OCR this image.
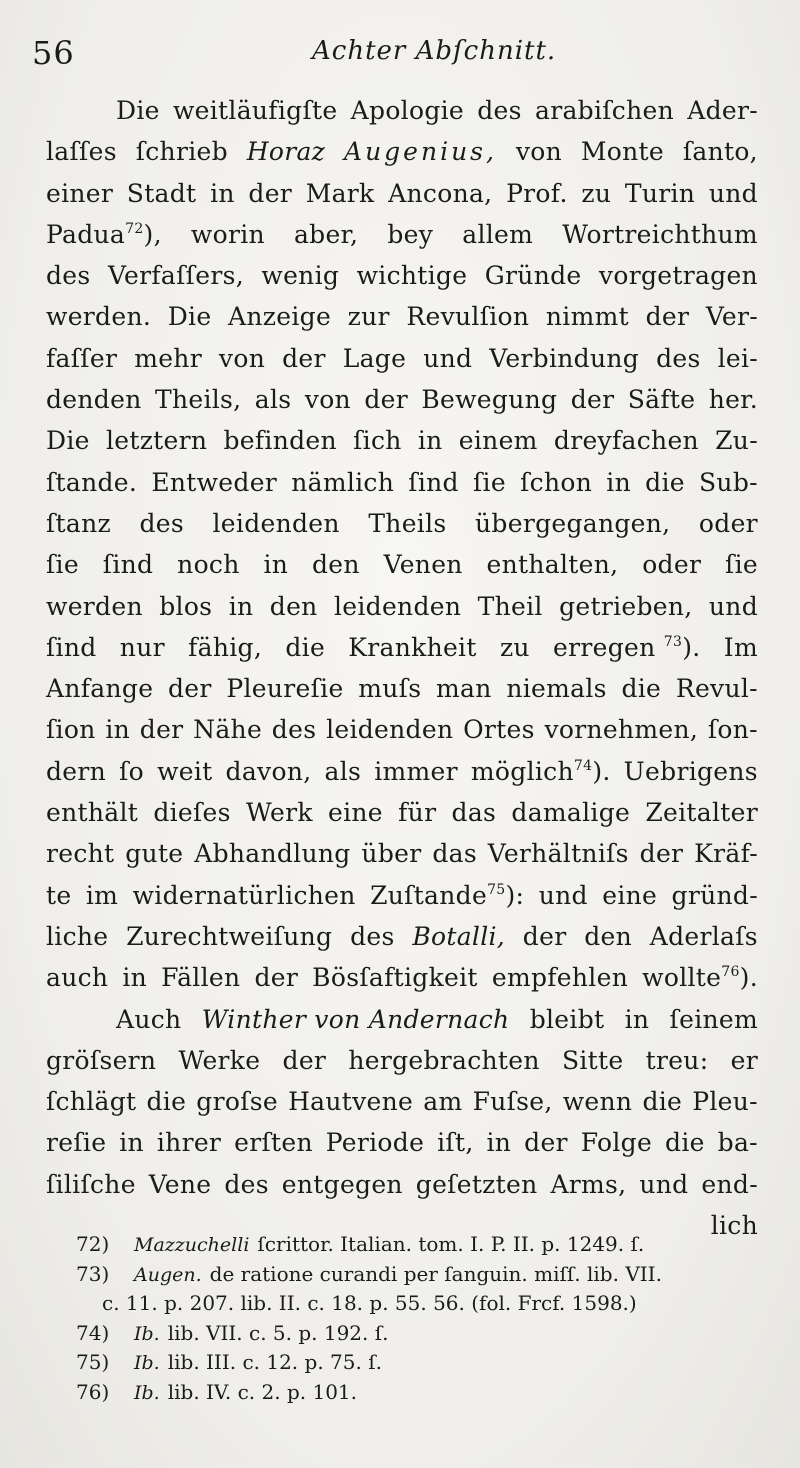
56	Achter Abſchnitt.
Die weitläufigſte Apologie des arabiſchen Ader-
laſſes ſchrieb Horaz Augenius, von Monte ſanto,
einer Stadt in der Mark Ancona, Prof. zu Turin und
Padua$^{72}$), worin aber, bey allem Wortreichthum
des Verfaſſers, wenig wichtige Gründe vorgetragen
werden. Die Anzeige zur Revulſion nimmt der Ver-
faſſer mehr von der Lage und Verbindung des lei-
denden Theils, als von der Bewegung der Säfte her.
Die letztern befinden ſich in einem dreyfachen Zu-
ſtande. Entweder nämlich ſind ſie ſchon in die Sub-
ſtanz des leidenden Theils übergegangen, oder
ſie ſind noch in den Venen enthalten, oder ſie
werden blos in den leidenden Theil getrieben, und
ſind nur fähig, die Krankheit zu erregen $^{73}$). Im
Anfange der Pleureſie muſs man niemals die Revul-
ſion in der Nähe des leidenden Ortes vornehmen, ſon-
dern ſo weit davon, als immer möglich$^{74}$). Uebrigens
enthält dieſes Werk eine für das damalige Zeitalter
recht gute Abhandlung über das Verhältniſs der Kräf-
te im widernatürlichen Zuſtande$^{75}$): und eine gründ-
liche Zurechtweiſung des Botalli, der den Aderlaſs
auch in Fällen der Bösſaftigkeit empfehlen wollte$^{76}$).
Auch Winther von Andernach bleibt in ſeinem
gröſsern Werke der hergebrachten Sitte treu: er
ſchlägt die groſse Hautvene am Fuſse, wenn die Pleu-
reſie in ihrer erſten Periode iſt, in der Folge die ba-
ſiliſche Vene des entgegen geſetzten Arms, und end-
lich
72)	Mazzuchelli ſcrittor. Italian. tom. I. P. II. p. 1249. ſ.
73)	Augen. de ratione curandi per ſanguin. miſſ. lib. VII.
c. 11. p. 207. lib. II. c. 18. p. 55. 56. (fol. Frcf. 1598.)
74)	Ib. lib. VII. c. 5. p. 192. ſ.
75)	Ib. lib. III. c. 12. p. 75. ſ.
76)	Ib. lib. IV. c. 2. p. 101.
